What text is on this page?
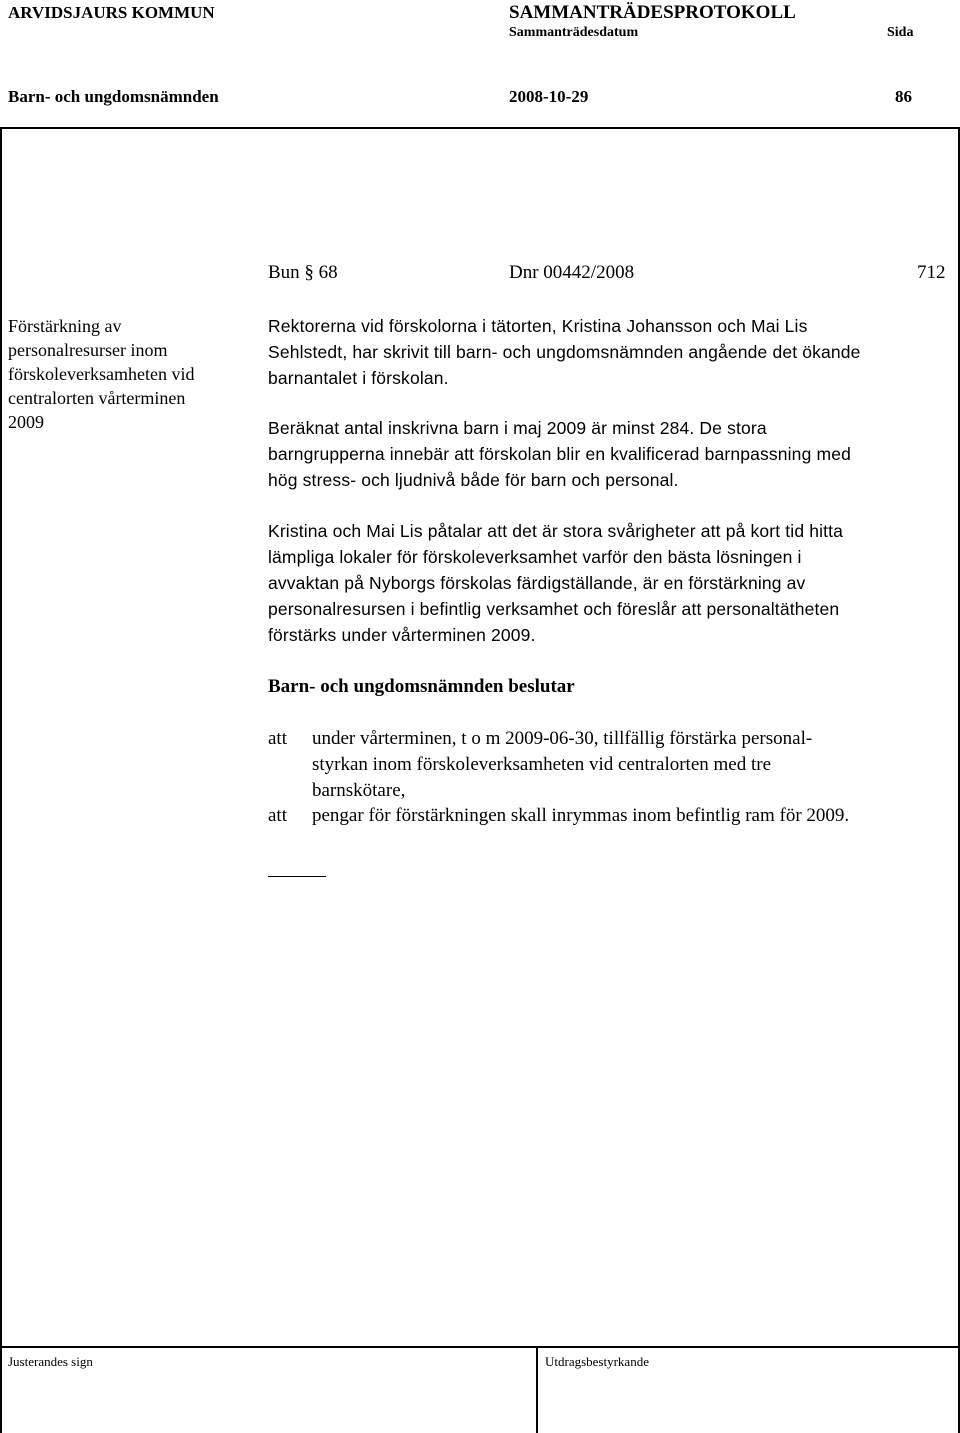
ARVIDSJAURS KOMMUN	SAMMANTRÄDESPROTOKOLL
Sammanträdesdatum	Sida
Barn- och ungdomsnämnden	2008-10-29	86
Bun § 68	Dnr 00442/2008	712
Förstärkning av
personalresurser inom
förskoleverksamheten vid
centralorten vårterminen
2009
Rektorerna vid förskolorna i tätorten, Kristina Johansson och Mai Lis
Sehlstedt, har skrivit till barn- och ungdomsnämnden angående det ökande
barnantalet i förskolan.
Beräknat antal inskrivna barn i maj 2009 är minst 284. De stora
barngrupperna innebär att förskolan blir en kvalificerad barnpassning med
hög stress- och ljudnivå både för barn och personal.
Kristina och Mai Lis påtalar att det är stora svårigheter att på kort tid hitta
lämpliga lokaler för förskoleverksamhet varför den bästa lösningen i
avvaktan på Nyborgs förskolas färdigställande, är en förstärkning av
personalresursen i befintlig verksamhet och föreslår att personaltätheten
förstärks under vårterminen 2009.
Barn- och ungdomsnämnden beslutar
att under vårterminen, t o m 2009-06-30, tillfällig förstärka personal-
styrkan inom förskoleverksamheten vid centralorten med tre
barnskötare,
att pengar för förstärkningen skall inrymmas inom befintlig ram för 2009.
Justerandes sign	Utdragsbestyrkande
